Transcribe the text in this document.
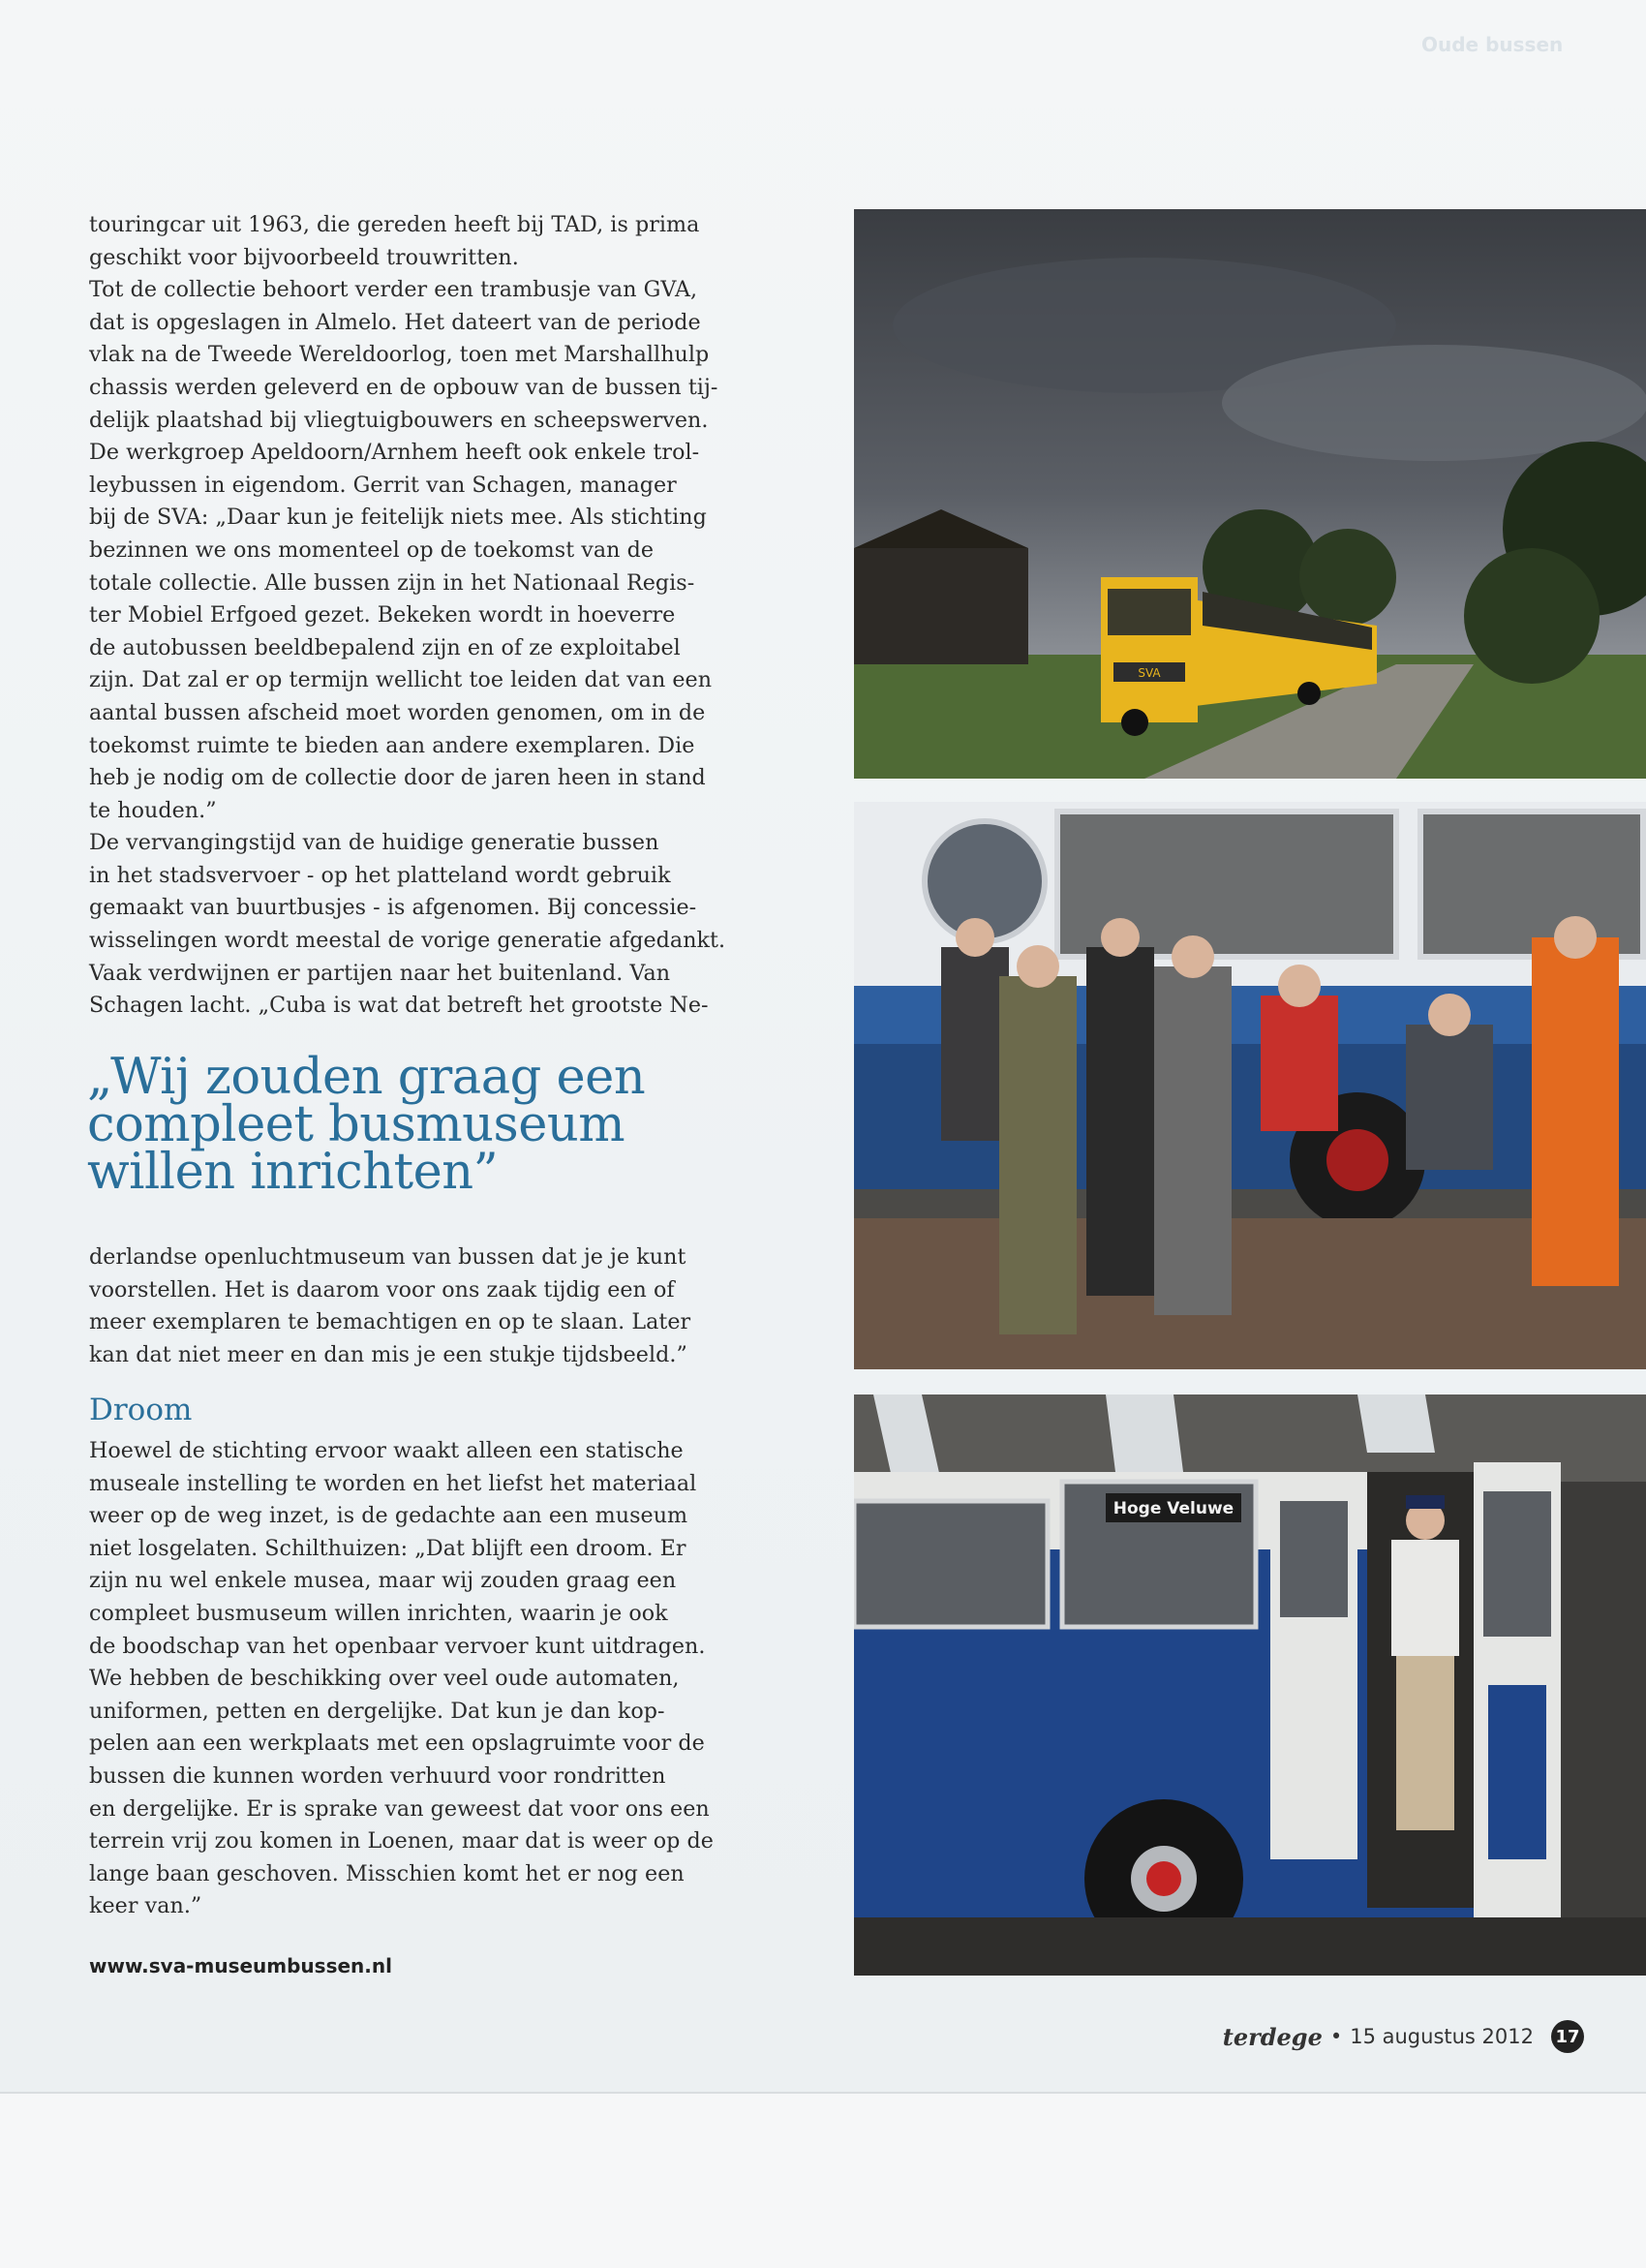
Oude bussen
touringcar uit 1963, die gereden heeft bij TAD, is prima
geschikt voor bijvoorbeeld trouwritten.
Tot de collectie behoort verder een trambusje van GVA,
dat is opgeslagen in Almelo. Het dateert van de periode
vlak na de Tweede Wereldoorlog, toen met Marshallhulp
chassis werden geleverd en de opbouw van de bussen tij-
delijk plaatshad bij vliegtuigbouwers en scheepswerven.
De werkgroep Apeldoorn/Arnhem heeft ook enkele trol-
leybussen in eigendom. Gerrit van Schagen, manager
bij de SVA: „Daar kun je feitelijk niets mee. Als stichting
bezinnen we ons momenteel op de toekomst van de
totale collectie. Alle bussen zijn in het Nationaal Regis-
ter Mobiel Erfgoed gezet. Bekeken wordt in hoeverre
de autobussen beeldbepalend zijn en of ze exploitabel
zijn. Dat zal er op termijn wellicht toe leiden dat van een
aantal bussen afscheid moet worden genomen, om in de
toekomst ruimte te bieden aan andere exemplaren. Die
heb je nodig om de collectie door de jaren heen in stand
te houden.”
De vervangingstijd van de huidige generatie bussen
in het stadsvervoer - op het platteland wordt gebruik
gemaakt van buurtbusjes - is afgenomen. Bij concessie-
wisselingen wordt meestal de vorige generatie afgedankt.
Vaak verdwijnen er partijen naar het buitenland. Van
Schagen lacht. „Cuba is wat dat betreft het grootste Ne-
„Wij zouden graag een
compleet busmuseum
willen inrichten”
derlandse openluchtmuseum van bussen dat je je kunt
voorstellen. Het is daarom voor ons zaak tijdig een of
meer exemplaren te bemachtigen en op te slaan. Later
kan dat niet meer en dan mis je een stukje tijdsbeeld.”
Droom
Hoewel de stichting ervoor waakt alleen een statische
museale instelling te worden en het liefst het materiaal
weer op de weg inzet, is de gedachte aan een museum
niet losgelaten. Schilthuizen: „Dat blijft een droom. Er
zijn nu wel enkele musea, maar wij zouden graag een
compleet busmuseum willen inrichten, waarin je ook
de boodschap van het openbaar vervoer kunt uitdragen.
We hebben de beschikking over veel oude automaten,
uniformen, petten en dergelijke. Dat kun je dan kop-
pelen aan een werkplaats met een opslagruimte voor de
bussen die kunnen worden verhuurd voor rondritten
en dergelijke. Er is sprake van geweest dat voor ons een
terrein vrij zou komen in Loenen, maar dat is weer op de
lange baan geschoven. Misschien komt het er nog een
keer van.”
www.sva-museumbussen.nl
SVA
Hoge Veluwe
terdege • 15 augustus 2012 17
